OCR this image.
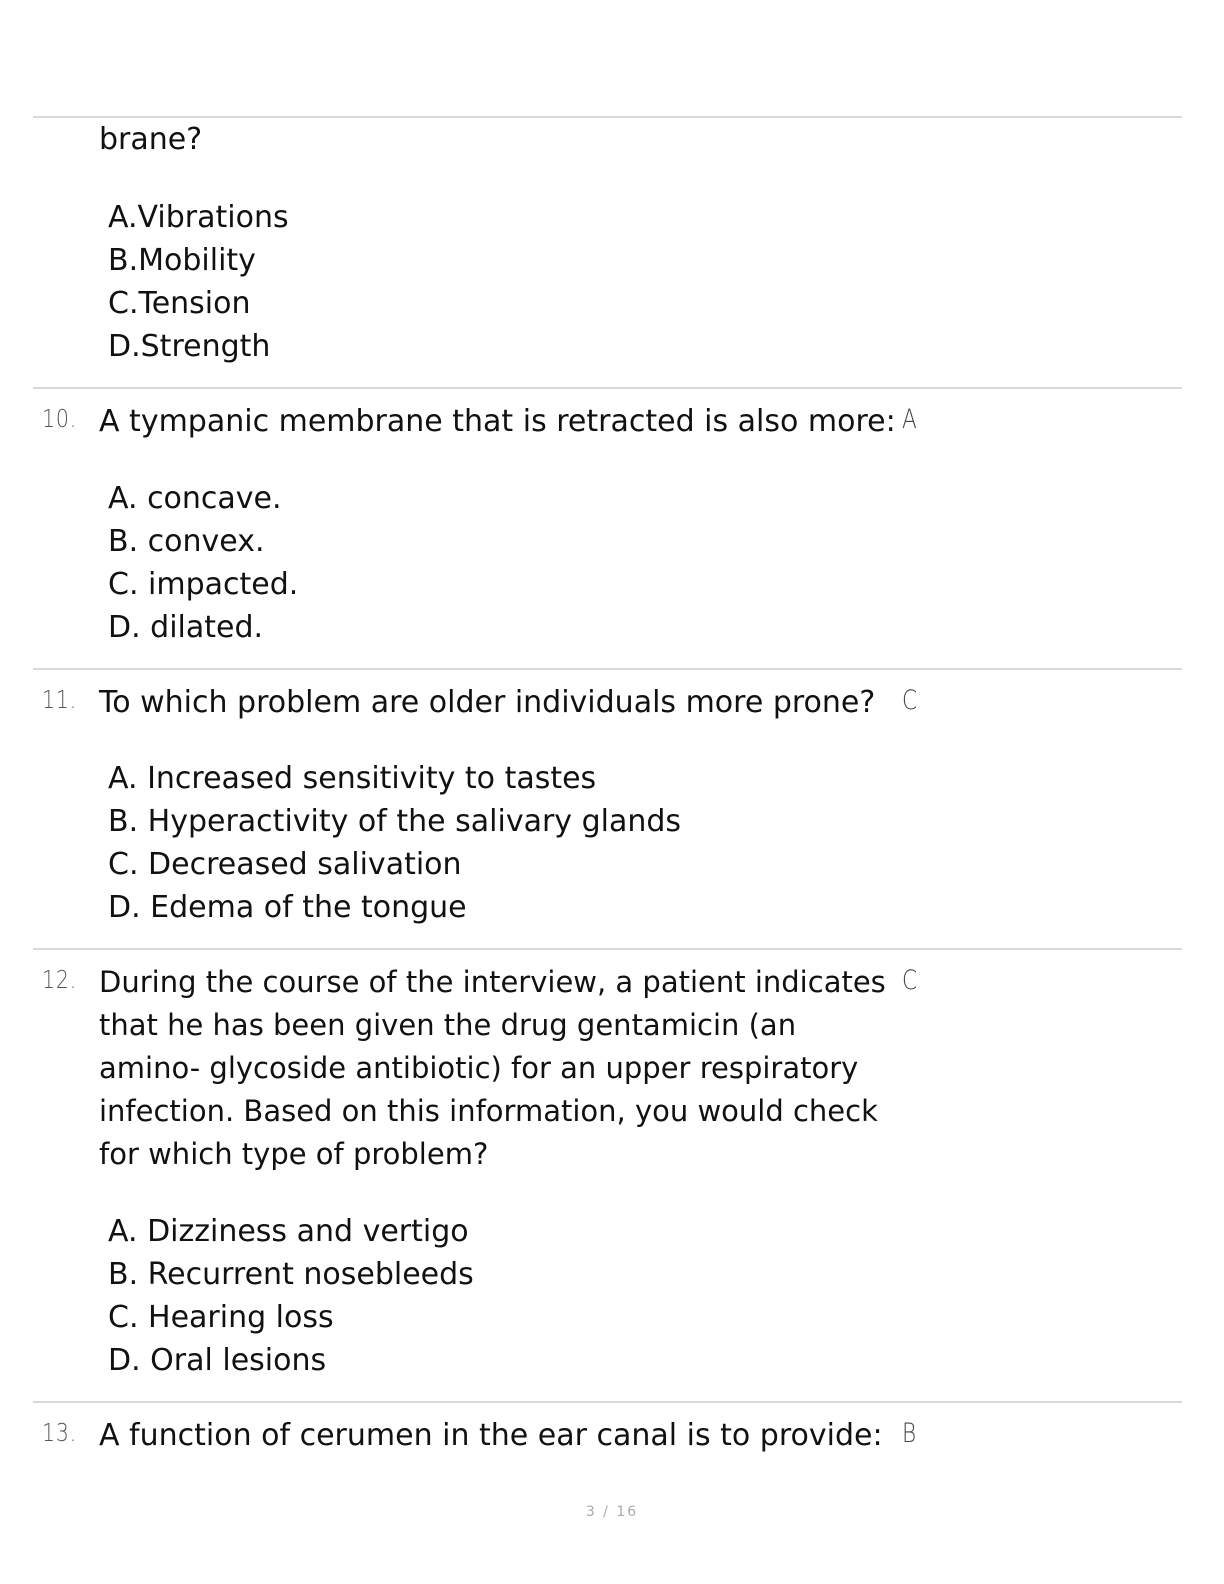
brane?
A.Vibrations
B.Mobility
C.Tension
D.Strength
10. A tympanic membrane that is retracted is also more: A
A. concave.
B. convex.
C. impacted.
D. dilated.
11. To which problem are older individuals more prone? C
A. Increased sensitivity to tastes
B. Hyperactivity of the salivary glands
C. Decreased salivation
D. Edema of the tongue
12. During the course of the interview, a patient indicates that he has been given the drug gentamicin (an amino- glycoside antibiotic) for an upper respiratory infection. Based on this information, you would check for which type of problem?
C
A. Dizziness and vertigo
B. Recurrent nosebleeds
C. Hearing loss
D. Oral lesions
13. A function of cerumen in the ear canal is to provide: B
3 / 16
